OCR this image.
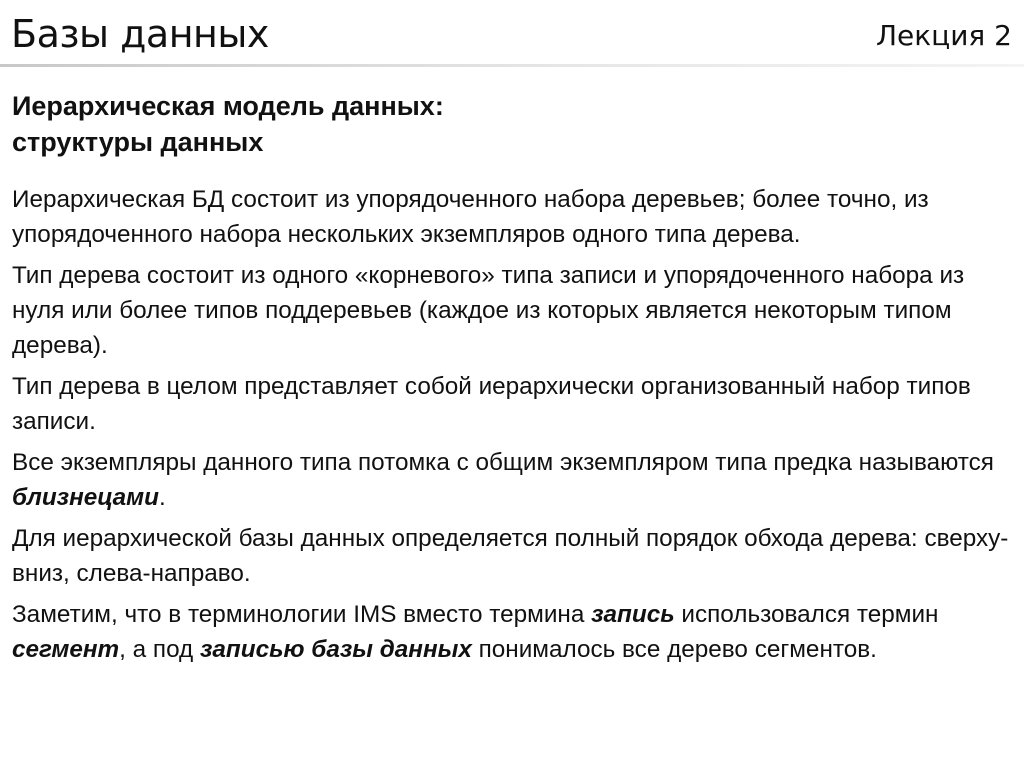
Базы данных	Лекция 2
Иерархическая модель данных:
структуры данных

Иерархическая БД состоит из упорядоченного набора деревьев; более точно, из упорядоченного набора нескольких экземпляров одного типа дерева.

Тип дерева состоит из одного «корневого» типа записи и упорядоченного набора из нуля или более типов поддеревьев (каждое из которых является некоторым типом дерева).

Тип дерева в целом представляет собой иерархически организованный набор типов записи.

Все экземпляры данного типа потомка с общим экземпляром типа предка называются близнецами.

Для иерархической базы данных определяется полный порядок обхода дерева: сверху-вниз, слева-направо.

Заметим, что в терминологии IMS вместо термина запись использовался термин сегмент, а под записью базы данных понималось все дерево сегментов.
